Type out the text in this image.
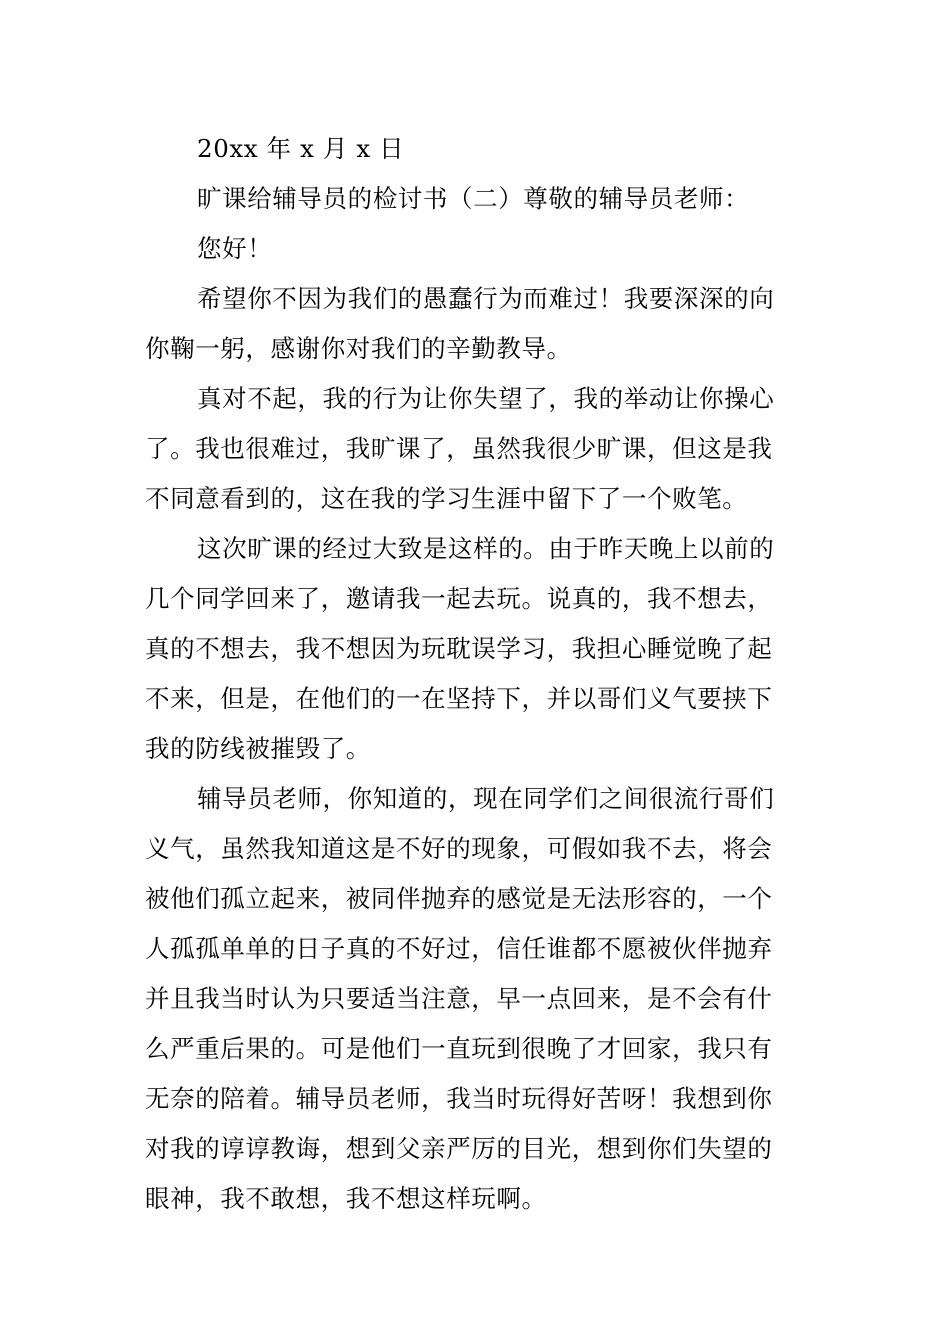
20xx 年 x 月 x 日
旷课给辅导员的检讨书（二）尊敬的辅导员老师：
您好！
希望你不因为我们的愚蠢行为而难过！我要深深的向
你鞠一躬，感谢你对我们的辛勤教导。
真对不起，我的行为让你失望了，我的举动让你操心
了。我也很难过，我旷课了，虽然我很少旷课，但这是我
不同意看到的，这在我的学习生涯中留下了一个败笔。
这次旷课的经过大致是这样的。由于昨天晚上以前的
几个同学回来了，邀请我一起去玩。说真的，我不想去，
真的不想去，我不想因为玩耽误学习，我担心睡觉晚了起
不来，但是，在他们的一在坚持下，并以哥们义气要挟下
我的防线被摧毁了。
辅导员老师，你知道的，现在同学们之间很流行哥们
义气，虽然我知道这是不好的现象，可假如我不去，将会
被他们孤立起来，被同伴抛弃的感觉是无法形容的，一个
人孤孤单单的日子真的不好过，信任谁都不愿被伙伴抛弃
并且我当时认为只要适当注意，早一点回来，是不会有什
么严重后果的。可是他们一直玩到很晚了才回家，我只有
无奈的陪着。辅导员老师，我当时玩得好苦呀！我想到你
对我的谆谆教诲，想到父亲严厉的目光，想到你们失望的
眼神，我不敢想，我不想这样玩啊。
